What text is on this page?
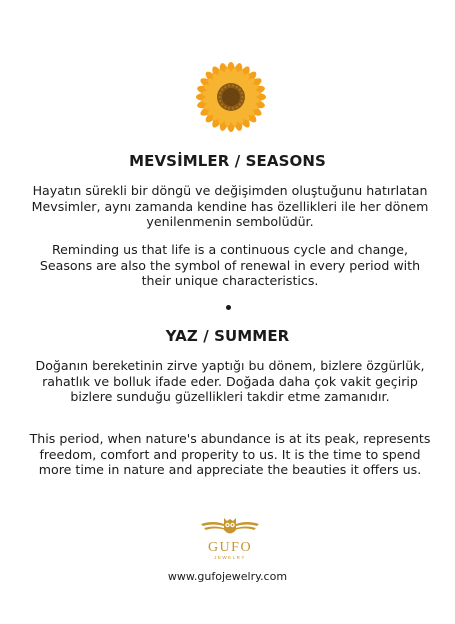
MEVSİMLER / SEASONS
Hayatın sürekli bir döngü ve değişimden oluştuğunu hatırlatan Mevsimler, aynı zamanda kendine has özellikleri ile her dönem yenilenmenin sembolüdür.
Reminding us that life is a continuous cycle and change, Seasons are also the symbol of renewal in every period with their unique characteristics.
YAZ / SUMMER
Doğanın bereketinin zirve yaptığı bu dönem, bizlere özgürlük, rahatlık ve bolluk ifade eder. Doğada daha çok vakit geçirip bizlere sunduğu güzellikleri takdir etme zamanıdır.
This period, when nature's abundance is at its peak, represents freedom, comfort and properity to us. It is the time to spend more time in nature and appreciate the beauties it offers us.
GUFO
JEWELRY
www.gufojewelry.com
